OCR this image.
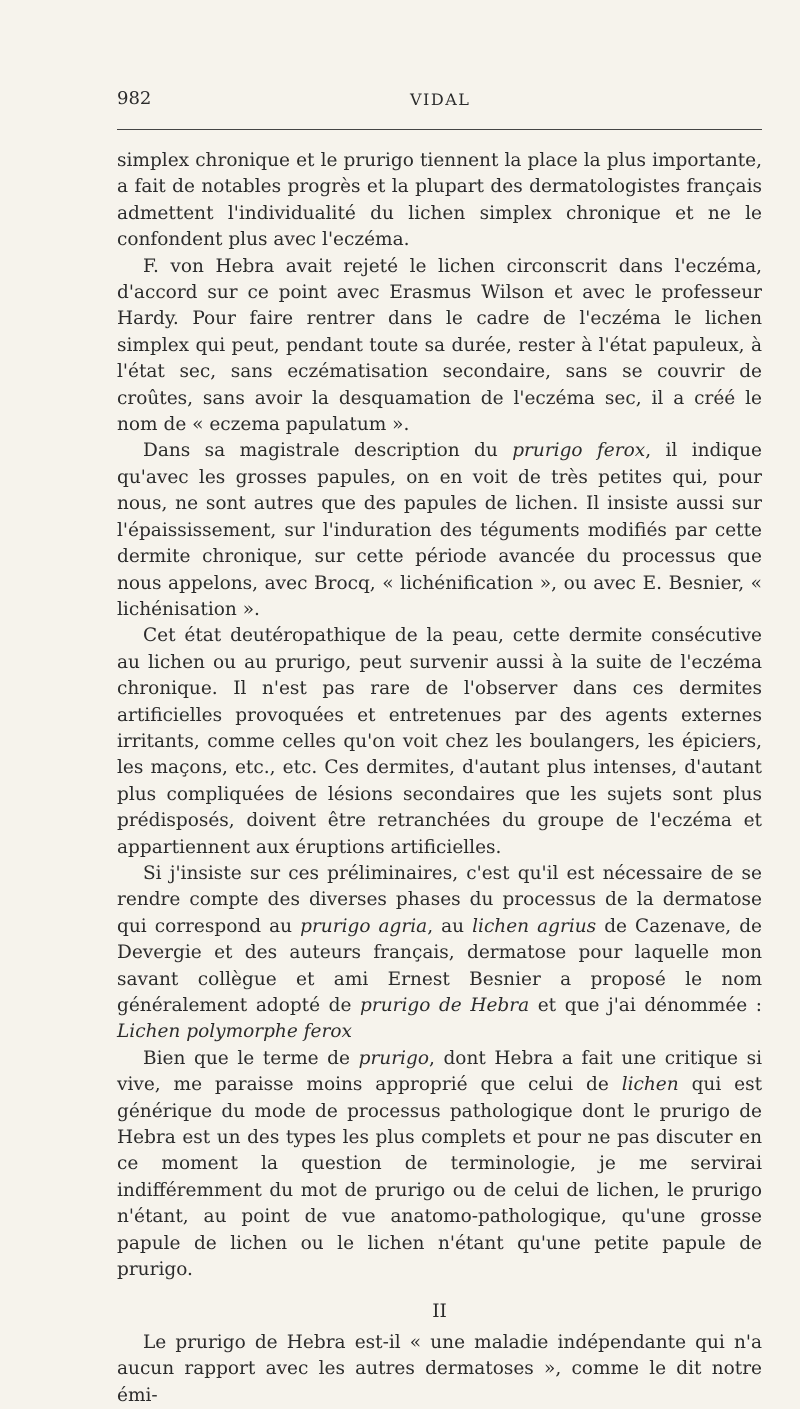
982	VIDAL

simplex chronique et le prurigo tiennent la place la plus importante, a fait de notables progrès et la plupart des dermatologistes français admettent l'individualité du lichen simplex chronique et ne le confondent plus avec l'eczéma.

F. von Hebra avait rejeté le lichen circonscrit dans l'eczéma, d'accord sur ce point avec Erasmus Wilson et avec le professeur Hardy. Pour faire rentrer dans le cadre de l'eczéma le lichen simplex qui peut, pendant toute sa durée, rester à l'état papuleux, à l'état sec, sans eczématisation secondaire, sans se couvrir de croûtes, sans avoir la desquamation de l'eczéma sec, il a créé le nom de « eczema papulatum ».

Dans sa magistrale description du prurigo ferox, il indique qu'avec les grosses papules, on en voit de très petites qui, pour nous, ne sont autres que des papules de lichen. Il insiste aussi sur l'épaississement, sur l'induration des téguments modifiés par cette dermite chronique, sur cette période avancée du processus que nous appelons, avec Brocq, « lichénification », ou avec E. Besnier, « lichénisation ».

Cet état deutéropathique de la peau, cette dermite consécutive au lichen ou au prurigo, peut survenir aussi à la suite de l'eczéma chronique. Il n'est pas rare de l'observer dans ces dermites artificielles provoquées et entretenues par des agents externes irritants, comme celles qu'on voit chez les boulangers, les épiciers, les maçons, etc., etc. Ces dermites, d'autant plus intenses, d'autant plus compliquées de lésions secondaires que les sujets sont plus prédisposés, doivent être retranchées du groupe de l'eczéma et appartiennent aux éruptions artificielles.

Si j'insiste sur ces préliminaires, c'est qu'il est nécessaire de se rendre compte des diverses phases du processus de la dermatose qui correspond au prurigo agria, au lichen agrius de Cazenave, de Devergie et des auteurs français, dermatose pour laquelle mon savant collègue et ami Ernest Besnier a proposé le nom généralement adopté de prurigo de Hebra et que j'ai dénommée : Lichen polymorphe ferox

Bien que le terme de prurigo, dont Hebra a fait une critique si vive, me paraisse moins approprié que celui de lichen qui est générique du mode de processus pathologique dont le prurigo de Hebra est un des types les plus complets et pour ne pas discuter en ce moment la question de terminologie, je me servirai indifféremment du mot de prurigo ou de celui de lichen, le prurigo n'étant, au point de vue anatomo-pathologique, qu'une grosse papule de lichen ou le lichen n'étant qu'une petite papule de prurigo.

II

Le prurigo de Hebra est-il « une maladie indépendante qui n'a aucun rapport avec les autres dermatoses », comme le dit notre émi-
